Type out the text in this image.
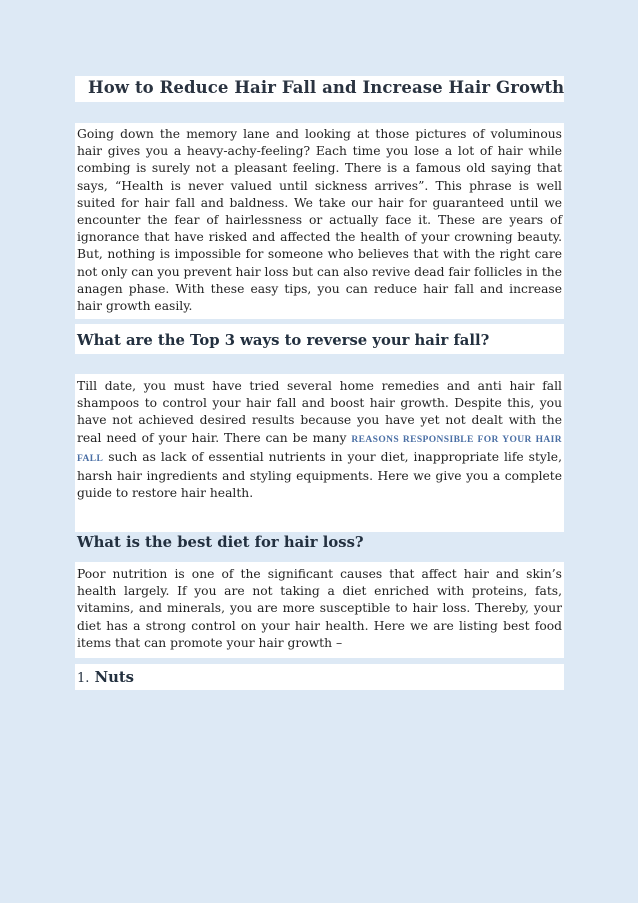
How to Reduce Hair Fall and Increase Hair Growth
Going down the memory lane and looking at those pictures of voluminous hair gives you a heavy-achy-feeling? Each time you lose a lot of hair while combing is surely not a pleasant feeling. There is a famous old saying that says, “Health is never valued until sickness arrives”. This phrase is well suited for hair fall and baldness. We take our hair for guaranteed until we encounter the fear of hairlessness or actually face it. These are years of ignorance that have risked and affected the health of your crowning beauty. But, nothing is impossible for someone who believes that with the right care not only can you prevent hair loss but can also revive dead fair follicles in the anagen phase. With these easy tips, you can reduce hair fall and increase hair growth easily.
What are the Top 3 ways to reverse your hair fall?
Till date, you must have tried several home remedies and anti hair fall shampoos to control your hair fall and boost hair growth. Despite this, you have not achieved desired results because you have yet not dealt with the real need of your hair. There can be many REASONS RESPONSIBLE FOR YOUR HAIR FALL such as lack of essential nutrients in your diet, inappropriate life style, harsh hair ingredients and styling equipments. Here we give you a complete guide to restore hair health.
What is the best diet for hair loss?
Poor nutrition is one of the significant causes that affect hair and skin’s health largely. If you are not taking a diet enriched with proteins, fats, vitamins, and minerals, you are more susceptible to hair loss. Thereby, your diet has a strong control on your hair health. Here we are listing best food items that can promote your hair growth –
1. Nuts
